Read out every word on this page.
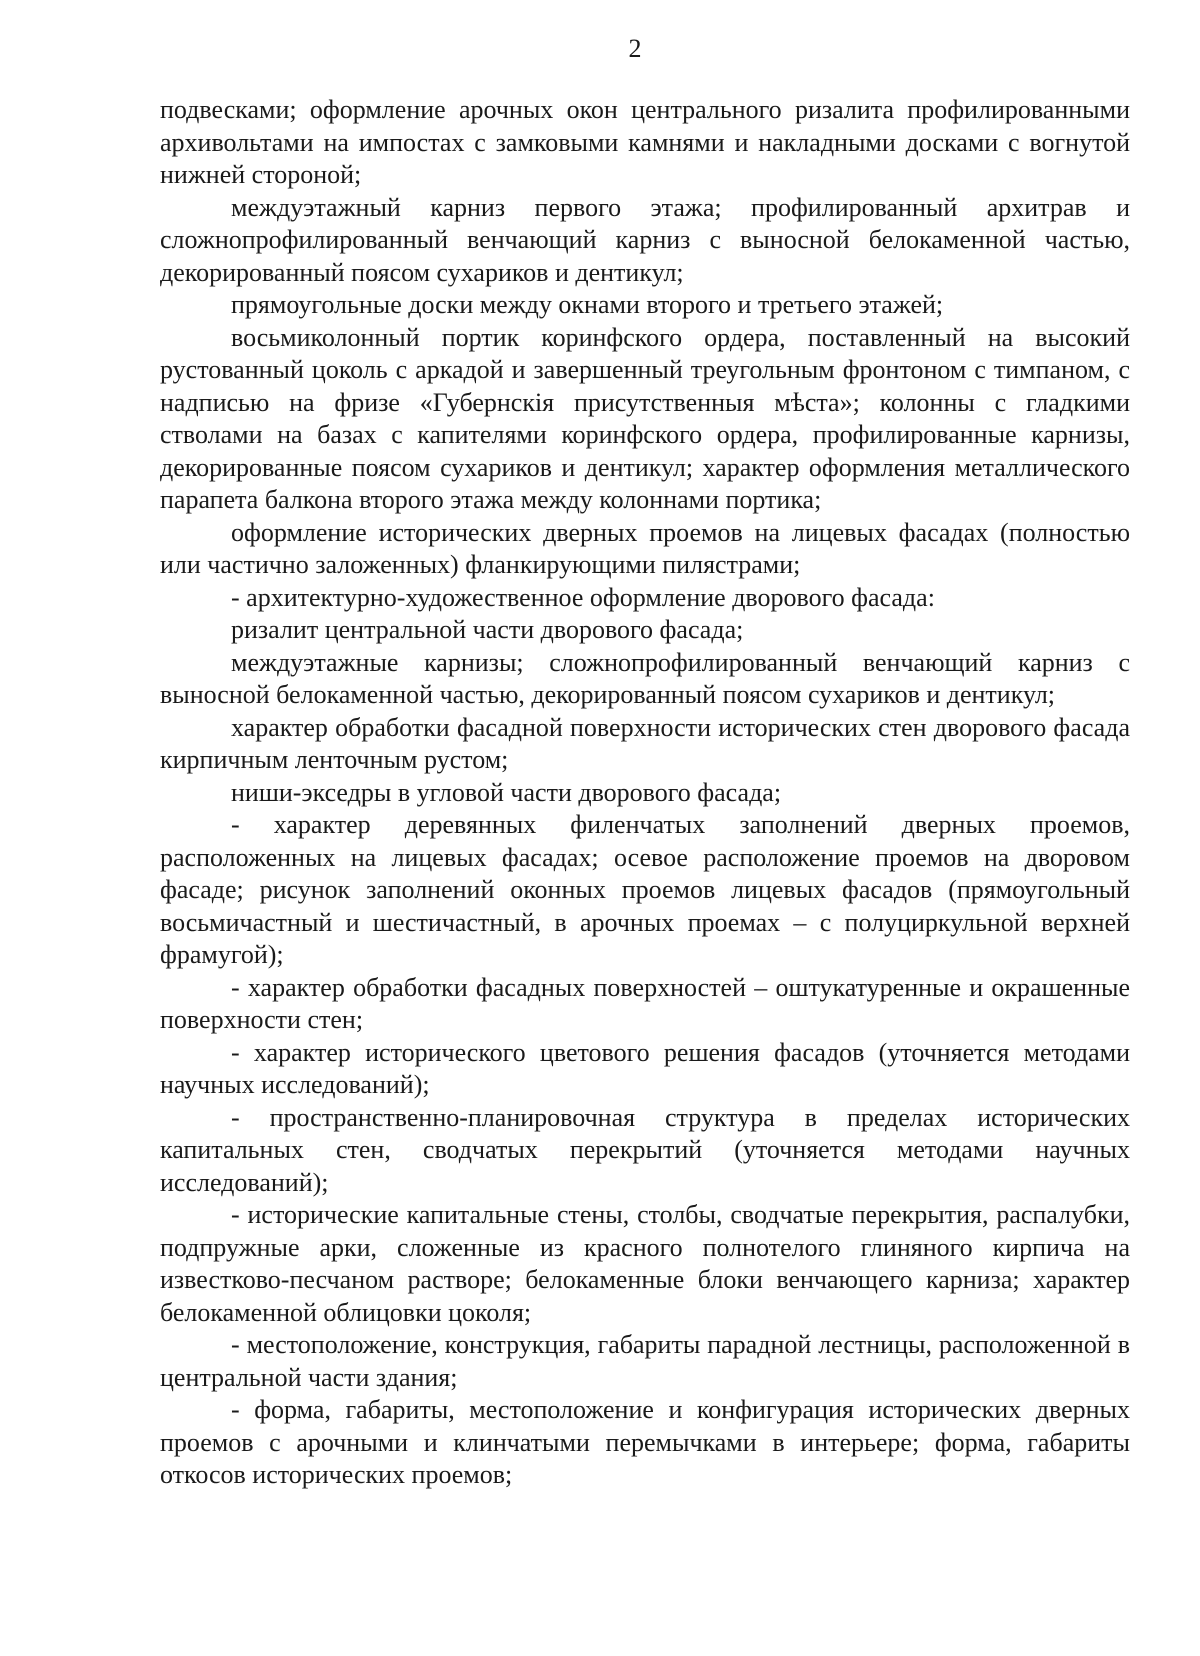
2

подвесками; оформление арочных окон центрального ризалита профилированными архивольтами на импостах с замковыми камнями и накладными досками с вогнутой нижней стороной;

междуэтажный карниз первого этажа; профилированный архитрав и сложнопрофилированный венчающий карниз с выносной белокаменной частью, декорированный поясом сухариков и дентикул;

прямоугольные доски между окнами второго и третьего этажей;

восьмиколонный портик коринфского ордера, поставленный на высокий рустованный цоколь с аркадой и завершенный треугольным фронтоном с тимпаном, с надписью на фризе «Губернскія присутственныя мѣста»; колонны с гладкими стволами на базах с капителями коринфского ордера, профилированные карнизы, декорированные поясом сухариков и дентикул; характер оформления металлического парапета балкона второго этажа между колоннами портика;

оформление исторических дверных проемов на лицевых фасадах (полностью или частично заложенных) фланкирующими пилястрами;

- архитектурно-художественное оформление дворового фасада:

ризалит центральной части дворового фасада;

междуэтажные карнизы; сложнопрофилированный венчающий карниз с выносной белокаменной частью, декорированный поясом сухариков и дентикул;

характер обработки фасадной поверхности исторических стен дворового фасада кирпичным ленточным рустом;

ниши-экседры в угловой части дворового фасада;

- характер деревянных филенчатых заполнений дверных проемов, расположенных на лицевых фасадах; осевое расположение проемов на дворовом фасаде; рисунок заполнений оконных проемов лицевых фасадов (прямоугольный восьмичастный и шестичастный, в арочных проемах – с полуциркульной верхней фрамугой);

- характер обработки фасадных поверхностей – оштукатуренные и окрашенные поверхности стен;

- характер исторического цветового решения фасадов (уточняется методами научных исследований);

- пространственно-планировочная структура в пределах исторических капитальных стен, сводчатых перекрытий (уточняется методами научных исследований);

- исторические капитальные стены, столбы, сводчатые перекрытия, распалубки, подпружные арки, сложенные из красного полнотелого глиняного кирпича на известково-песчаном растворе; белокаменные блоки венчающего карниза; характер белокаменной облицовки цоколя;

- местоположение, конструкция, габариты парадной лестницы, расположенной в центральной части здания;

- форма, габариты, местоположение и конфигурация исторических дверных проемов с арочными и клинчатыми перемычками в интерьере; форма, габариты откосов исторических проемов;
